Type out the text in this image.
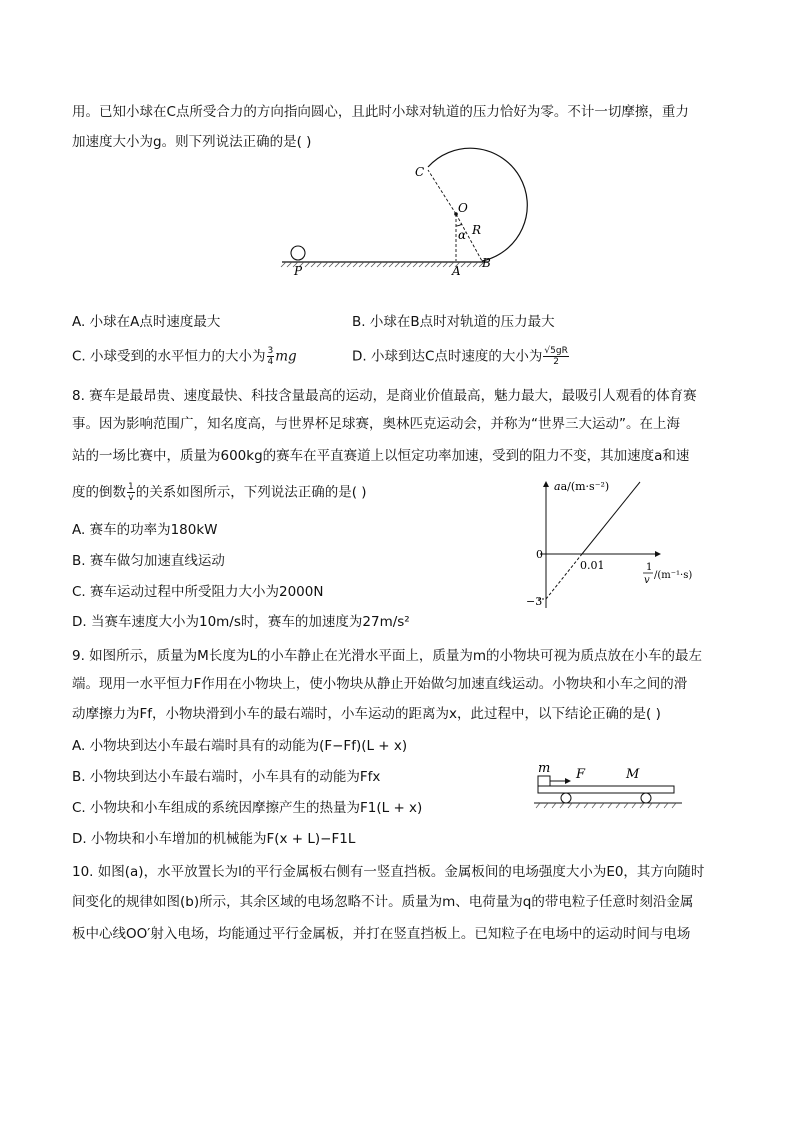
用。已知小球在C点所受合力的方向指向圆心，且此时小球对轨道的压力恰好为零。不计一切摩擦，重力
加速度大小为g。则下列说法正确的是( )
C
O
R
α
P	A
B
A. 小球在A点时速度最大	B. 小球在B点时对轨道的压力最大
C. 小球受到的水平恒力的大小为 $\frac{3}{4}$ mg	D. 小球到达C点时速度的大小为 $\frac{√5gR}{2}$
8. 赛车是最昂贵、速度最快、科技含量最高的运动，是商业价值最高，魅力最大，最吸引人观看的体育赛
事。因为影响范围广，知名度高，与世界杯足球赛，奥林匹克运动会，并称为“世界三大运动”。在上海
站的一场比赛中，质量为600kg的赛车在平直赛道上以恒定功率加速，受到的阻力不变，其加速度a和速
度的倒数 $\frac{1}{v}$ 的关系如图所示，下列说法正确的是( )
A. 赛车的功率为180kW
B. 赛车做匀加速直线运动
C. 赛车运动过程中所受阻力大小为2000N
D. 当赛车速度大小为10m/s时，赛车的加速度为27m/s²
aa/(m·s⁻²)
0
0.01
−3
1
v /(m⁻¹·s)
9. 如图所示，质量为M长度为L的小车静止在光滑水平面上，质量为m的小物块可视为质点放在小车的最左
端。现用一水平恒力F作用在小物块上，使小物块从静止开始做匀加速直线运动。小物块和小车之间的滑
动摩擦力为Ff，小物块滑到小车的最右端时，小车运动的距离为x，此过程中，以下结论正确的是( )
A. 小物块到达小车最右端时具有的动能为(F−Ff)(L + x)
B. 小物块到达小车最右端时，小车具有的动能为Ffx
C. 小物块和小车组成的系统因摩擦产生的热量为F1(L + x)
D. 小物块和小车增加的机械能为F(x + L)−F1L
m F	M
10. 如图(a)，水平放置长为l的平行金属板右侧有一竖直挡板。金属板间的电场强度大小为E0，其方向随时
间变化的规律如图(b)所示，其余区域的电场忽略不计。质量为m、电荷量为q的带电粒子任意时刻沿金属
板中心线OO′射入电场，均能通过平行金属板，并打在竖直挡板上。已知粒子在电场中的运动时间与电场
